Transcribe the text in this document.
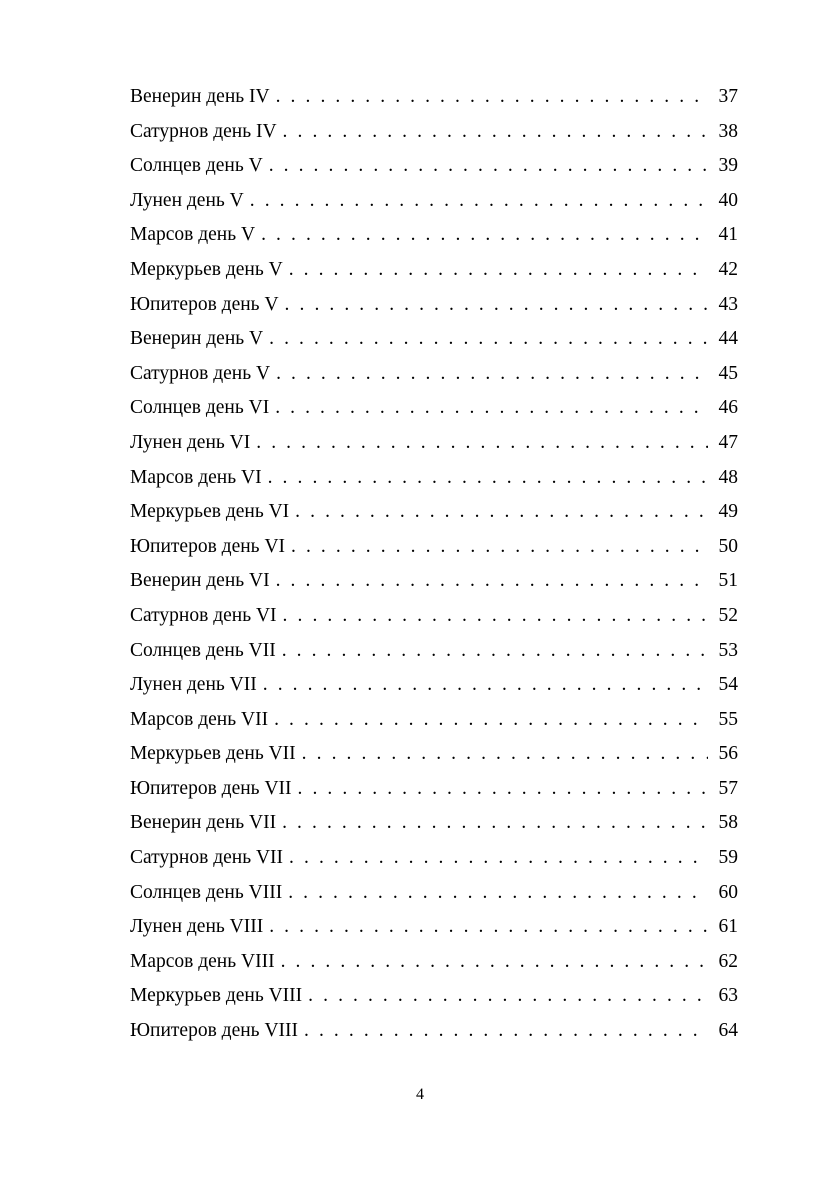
Венерин день IV . . .	37
Сатурнов день IV . . .	38
Солнцев день V . . .	39
Лунен день V . . .	40
Марсов день V . . .	41
Меркурьев день V . . .	42
Юпитеров день V . . .	43
Венерин день V . . .	44
Сатурнов день V . . .	45
Солнцев день VI . . .	46
Лунен день VI . . .	47
Марсов день VI . . .	48
Меркурьев день VI . . .	49
Юпитеров день VI . . .	50
Венерин день VI . . .	51
Сатурнов день VI . . .	52
Солнцев день VII . . .	53
Лунен день VII . . .	54
Марсов день VII . . .	55
Меркурьев день VII . . .	56
Юпитеров день VII . . .	57
Венерин день VII . . .	58
Сатурнов день VII . . .	59
Солнцев день VIII . . .	60
Лунен день VIII . . .	61
Марсов день VIII . . .	62
Меркурьев день VIII . . .	63
Юпитеров день VIII . . .	64
4
